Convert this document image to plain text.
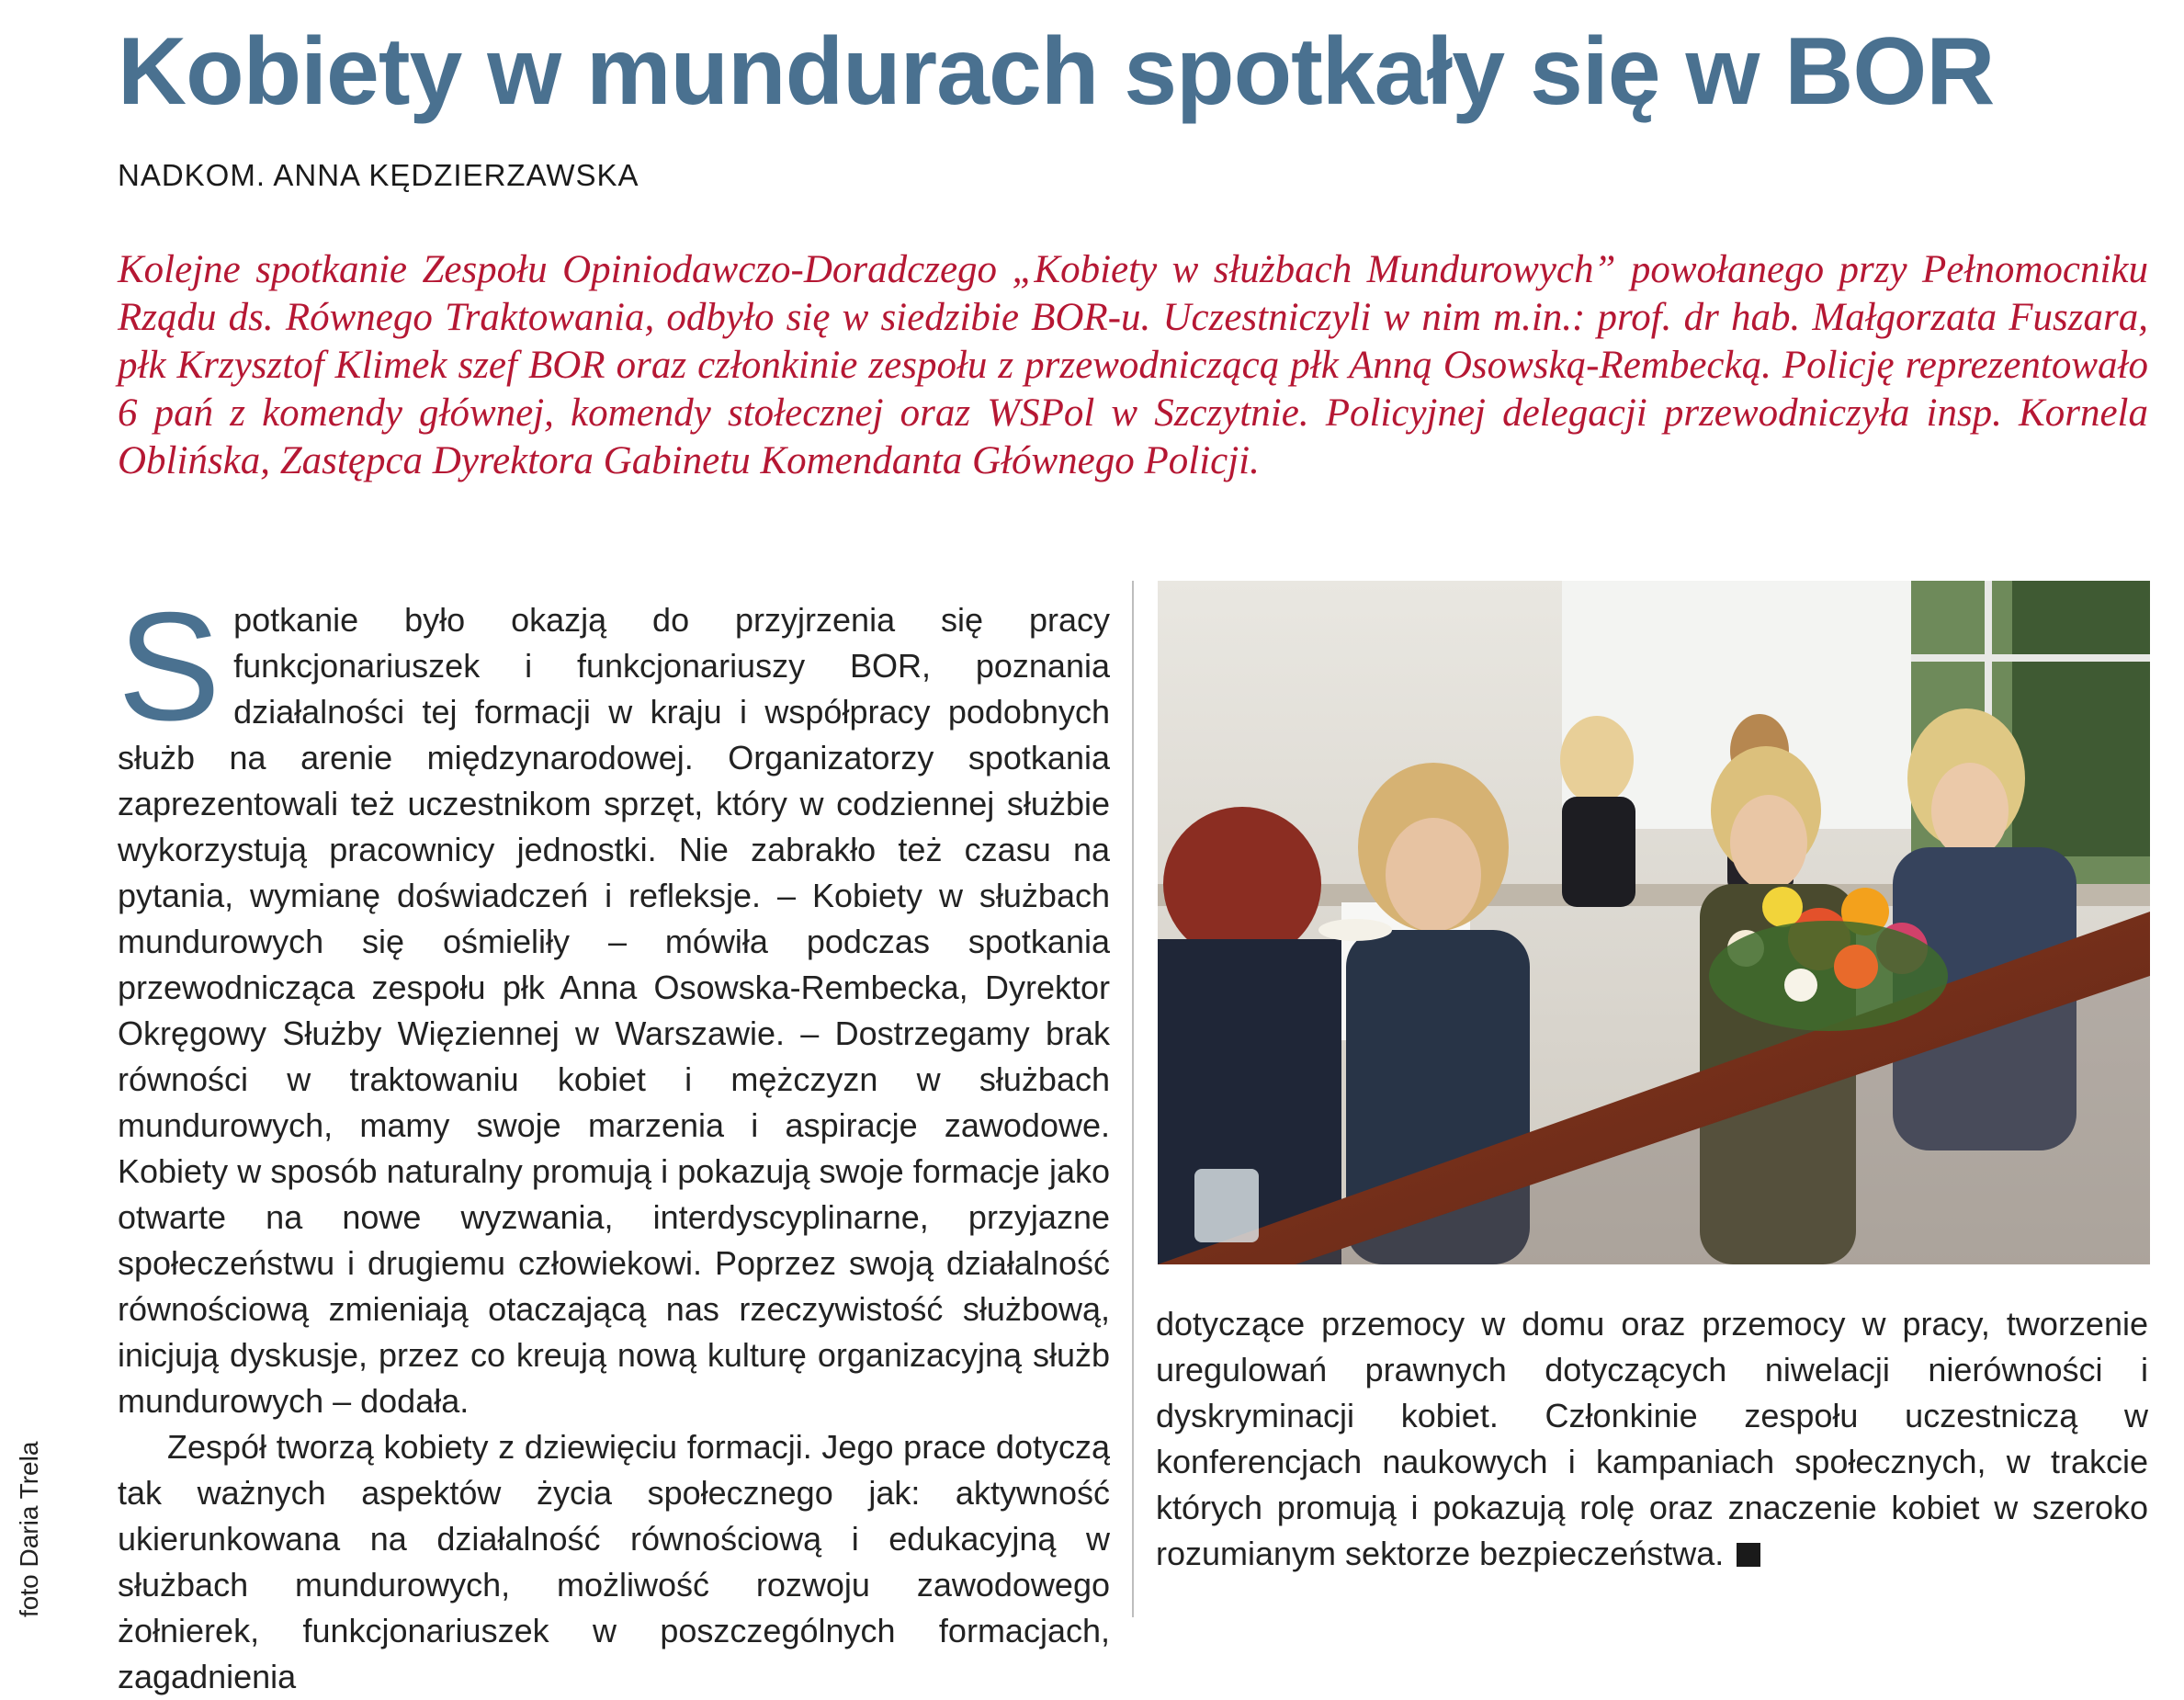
Kobiety w mundurach spotkały się w BOR
NADKOM. ANNA KĘDZIERZAWSKA

Kolejne spotkanie Zespołu Opiniodawczo-Doradczego „Kobiety w służbach Mundurowych” powołanego przy Pełnomocniku Rządu ds. Równego Traktowania, odbyło się w siedzibie BOR-u. Uczestniczyli w nim m.in.: prof. dr hab. Małgorzata Fuszara, płk Krzysztof Klimek szef BOR oraz członkinie zespołu z przewodniczącą płk Anną Osowską-Rembecką. Policję reprezentowało 6 pań z komendy głównej, komendy stołecznej oraz WSPol w Szczytnie. Policyjnej delegacji przewodniczyła insp. Kornela Oblińska, Zastępca Dyrektora Gabinetu Komendanta Głównego Policji.

Spotkanie było okazją do przyjrzenia się pracy funkcjonariuszek i funkcjonariuszy BOR, poznania działalności tej formacji w kraju i współpracy podobnych służb na arenie międzynarodowej. Organizatorzy spotkania zaprezentowali też uczestnikom sprzęt, który w codziennej służbie wykorzystują pracownicy jednostki. Nie zabrakło też czasu na pytania, wymianę doświadczeń i refleksje. – Kobiety w służbach mundurowych się ośmieliły – mówiła podczas spotkania przewodnicząca zespołu płk Anna Osowska-Rembecka, Dyrektor Okręgowy Służby Więziennej w Warszawie. – Dostrzegamy brak równości w traktowaniu kobiet i mężczyzn w służbach mundurowych, mamy swoje marzenia i aspiracje zawodowe. Kobiety w sposób naturalny promują i pokazują swoje formacje jako otwarte na nowe wyzwania, interdyscyplinarne, przyjazne społeczeństwu i drugiemu człowiekowi. Poprzez swoją działalność równościową zmieniają otaczającą nas rzeczywistość służbową, inicjują dyskusje, przez co kreują nową kulturę organizacyjną służb mundurowych – dodała.

Zespół tworzą kobiety z dziewięciu formacji. Jego prace dotyczą tak ważnych aspektów życia społecznego jak: aktywność ukierunkowana na działalność równościową i edukacyjną w służbach mundurowych, możliwość rozwoju zawodowego żołnierek, funkcjonariuszek w poszczególnych formacjach, zagadnienia

dotyczące przemocy w domu oraz przemocy w pracy, tworzenie uregulowań prawnych dotyczących niwelacji nierówności i dyskryminacji kobiet. Członkinie zespołu uczestniczą w konferencjach naukowych i kampaniach społecznych, w trakcie których promują i pokazują rolę oraz znaczenie kobiet w szeroko rozumianym sektorze bezpieczeństwa.

foto Daria Trela
